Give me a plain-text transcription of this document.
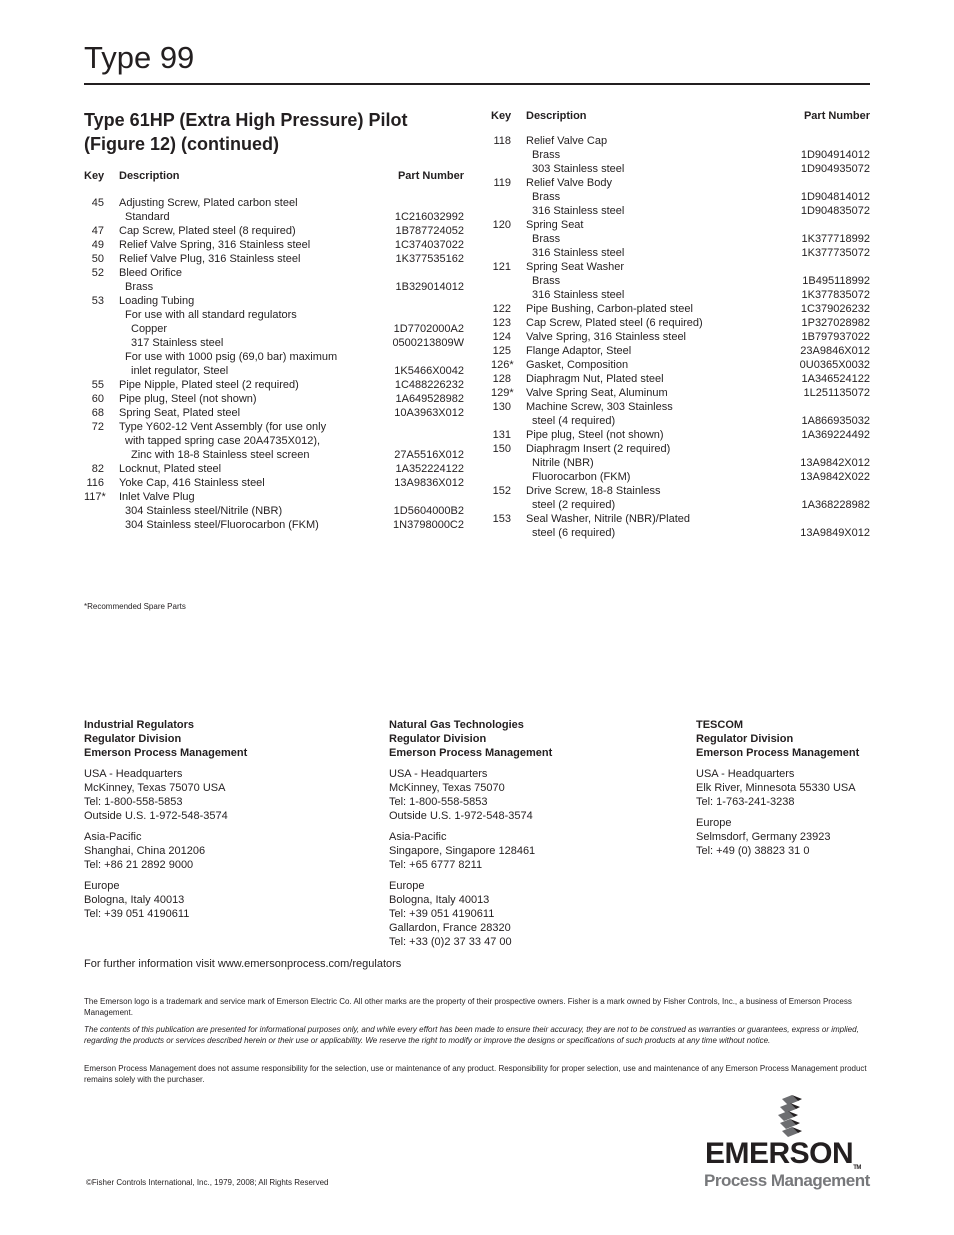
Type 99
Type 61HP (Extra High Pressure) Pilot
(Figure 12) (continued)
Key	Description	Part Number
45 Adjusting Screw, Plated carbon steel
Standard	1C216032992
47 Cap Screw, Plated steel (8 required)	1B787724052
49 Relief Valve Spring, 316 Stainless steel	1C374037022
50 Relief Valve Plug, 316 Stainless steel	1K377535162
52 Bleed Orifice
Brass	1B329014012
53 Loading Tubing
For use with all standard regulators
Copper	1D7702000A2
317 Stainless steel	0500213809W
For use with 1000 psig (69,0 bar) maximum
inlet regulator, Steel	1K5466X0042
55 Pipe Nipple, Plated steel (2 required)	1C488226232
60 Pipe plug, Steel (not shown)	1A649528982
68 Spring Seat, Plated steel	10A3963X012
72 Type Y602-12 Vent Assembly (for use only
with tapped spring case 20A4735X012),
Zinc with 18-8 Stainless steel screen	27A5516X012
82 Locknut, Plated steel	1A352224122
116 Yoke Cap, 416 Stainless steel	13A9836X012
117* Inlet Valve Plug
304 Stainless steel/Nitrile (NBR)	1D5604000B2
304 Stainless steel/Fluorocarbon (FKM)	1N3798000C2
Key	Description	Part Number
118 Relief Valve Cap
Brass	1D904914012
303 Stainless steel	1D904935072
119 Relief Valve Body
Brass	1D904814012
316 Stainless steel	1D904835072
120 Spring Seat
Brass	1K377718992
316 Stainless steel	1K377735072
121 Spring Seat Washer
Brass	1B495118992
316 Stainless steel	1K377835072
122 Pipe Bushing, Carbon-plated steel	1C379026232
123 Cap Screw, Plated steel (6 required)	1P327028982
124 Valve Spring, 316 Stainless steel	1B797937022
125 Flange Adaptor, Steel	23A9846X012
126* Gasket, Composition	0U0365X0032
128 Diaphragm Nut, Plated steel	1A346524122
129* Valve Spring Seat, Aluminum	1L251135072
130 Machine Screw, 303 Stainless
steel (4 required)	1A866935032
131 Pipe plug, Steel (not shown)	1A369224492
150 Diaphragm Insert (2 required)
Nitrile (NBR)	13A9842X012
Fluorocarbon (FKM)	13A9842X022
152 Drive Screw, 18-8 Stainless
steel (2 required)	1A368228982
153 Seal Washer, Nitrile (NBR)/Plated
steel (6 required)	13A9849X012
*Recommended Spare Parts
Industrial Regulators
Regulator Division
Emerson Process Management
USA - Headquarters
McKinney, Texas 75070 USA
Tel: 1-800-558-5853
Outside U.S. 1-972-548-3574
Asia-Pacific
Shanghai, China 201206
Tel: +86 21 2892 9000
Europe
Bologna, Italy 40013
Tel: +39 051 4190611
Natural Gas Technologies
Regulator Division
Emerson Process Management
USA - Headquarters
McKinney, Texas 75070
Tel: 1-800-558-5853
Outside U.S. 1-972-548-3574
Asia-Pacific
Singapore, Singapore 128461
Tel: +65 6777 8211
Europe
Bologna, Italy 40013
Tel: +39 051 4190611
Gallardon, France 28320
Tel: +33 (0)2 37 33 47 00
TESCOM
Regulator Division
Emerson Process Management
USA - Headquarters
Elk River, Minnesota 55330 USA
Tel: 1-763-241-3238
Europe
Selmsdorf, Germany 23923
Tel: +49 (0) 38823 31 0
For further information visit www.emersonprocess.com/regulators
The Emerson logo is a trademark and service mark of Emerson Electric Co. All other marks are the property of their prospective owners. Fisher is a mark owned by Fisher Controls, Inc., a business of Emerson Process Management.
The contents of this publication are presented for informational purposes only, and while every effort has been made to ensure their accuracy, they are not to be construed as warranties or guarantees, express or implied, regarding the products or services described herein or their use or applicability. We reserve the right to modify or improve the designs or specifications of such products at any time without notice.
Emerson Process Management does not assume responsibility for the selection, use or maintenance of any product. Responsibility for proper selection, use and maintenance of any Emerson Process Management product remains solely with the purchaser.
©Fisher Controls International, Inc., 1979, 2008; All Rights Reserved
EMERSONTM
Process Management
